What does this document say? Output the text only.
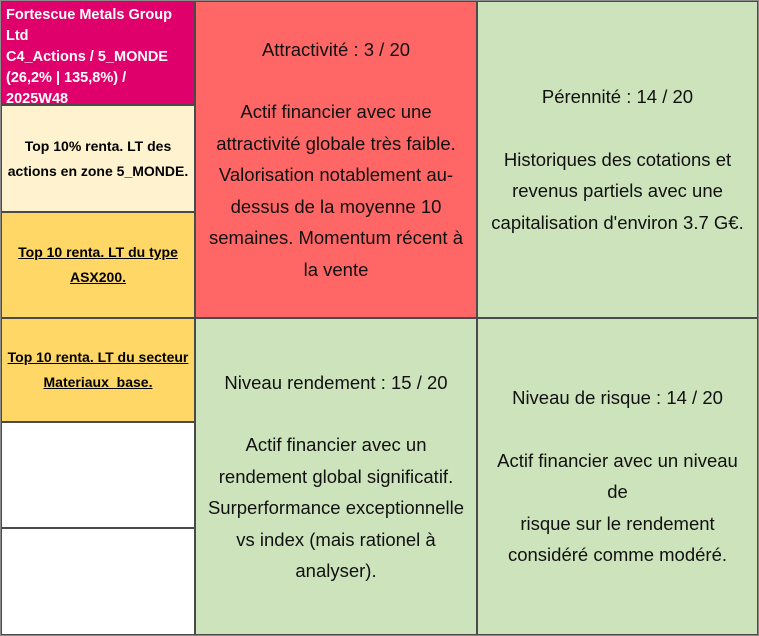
Fortescue Metals Group Ltd
C4_Actions / 5_MONDE
(26,2% | 135,8%) /
2025W48
Top 10% renta. LT des actions en zone 5_MONDE.
Top 10 renta. LT du type ASX200.
Top 10 renta. LT du secteur Materiaux_base.
Attractivité : 3 / 20
Actif financier avec une
attractivité globale très faible.
Valorisation notablement au-
dessus de la moyenne 10
semaines. Momentum récent à
la vente
Pérennité : 14 / 20
Historiques des cotations et
revenus partiels avec une
capitalisation d'environ 3.7 G€.
Niveau rendement : 15 / 20
Actif financier avec un
rendement global significatif.
Surperformance exceptionnelle
vs index (mais rationel à
analyser).
Niveau de risque : 14 / 20
Actif financier avec un niveau de
risque sur le rendement
considéré comme modéré.
